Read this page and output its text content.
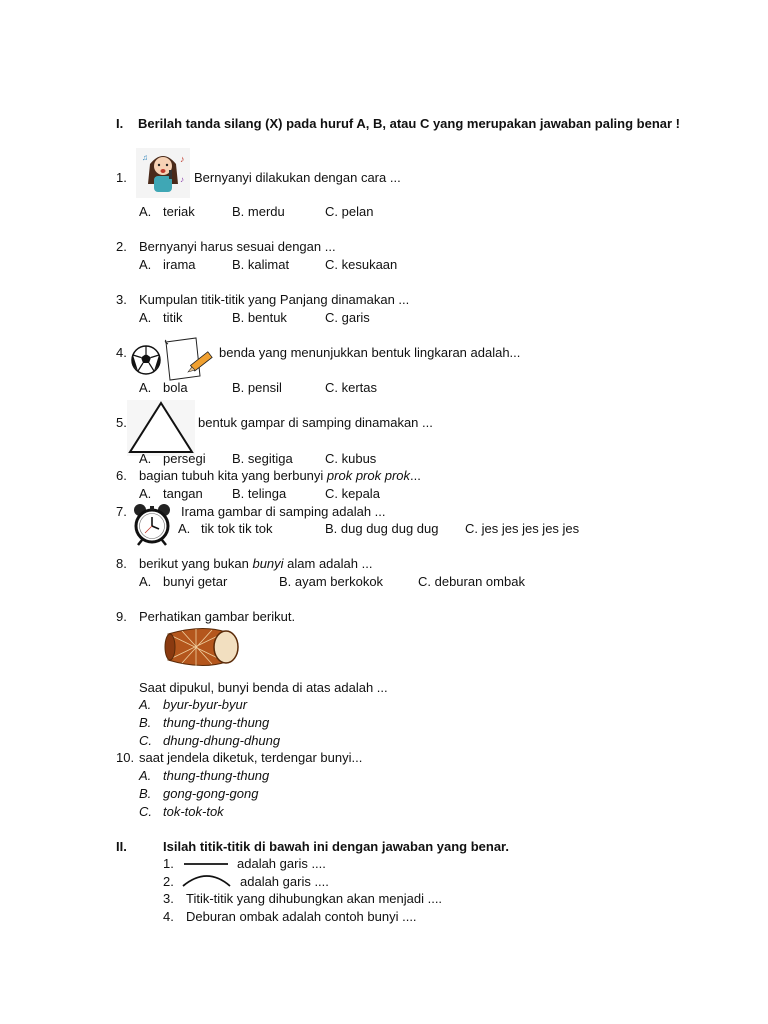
I. Berilah tanda silang (X) pada huruf A, B, atau C yang merupakan jawaban paling benar !
1.
♪
♫
♪ Bernyanyi dilakukan dengan cara ...
A. teriak	B. merdu	C. pelan
2. Bernyanyi harus sesuai dengan ...
A. irama	B. kalimat	C. kesukaan
3. Kumpulan titik-titik yang Panjang dinamakan ...
A. titik	B. bentuk	C. garis
4.	benda yang menunjukkan bentuk lingkaran adalah...
A. bola	B. pensil	C. kertas
5.	bentuk gampar di samping dinamakan ...
A. persegi B. segitiga C. kubus
6. bagian tubuh kita yang berbunyi prok prok prok...
A. tangan B. telinga	C. kepala
7.	Irama gambar di samping adalah ...
A. tik tok tik tok	B. dug dug dug dug C. jes jes jes jes jes
8. berikut yang bukan bunyi alam adalah ...
A. bunyi getar	B. ayam berkokok	C. deburan ombak
9. Perhatikan gambar berikut.
Saat dipukul, bunyi benda di atas adalah ...
A. byur-byur-byur
B. thung-thung-thung
C. dhung-dhung-dhung
10. saat jendela diketuk, terdengar bunyi...
A. thung-thung-thung
B. gong-gong-gong
C. tok-tok-tok
II.	Isilah titik-titik di bawah ini dengan jawaban yang benar.
1.	adalah garis ....
2.	adalah garis ....
3. Titik-titik yang dihubungkan akan menjadi ....
4. Deburan ombak adalah contoh bunyi ....
